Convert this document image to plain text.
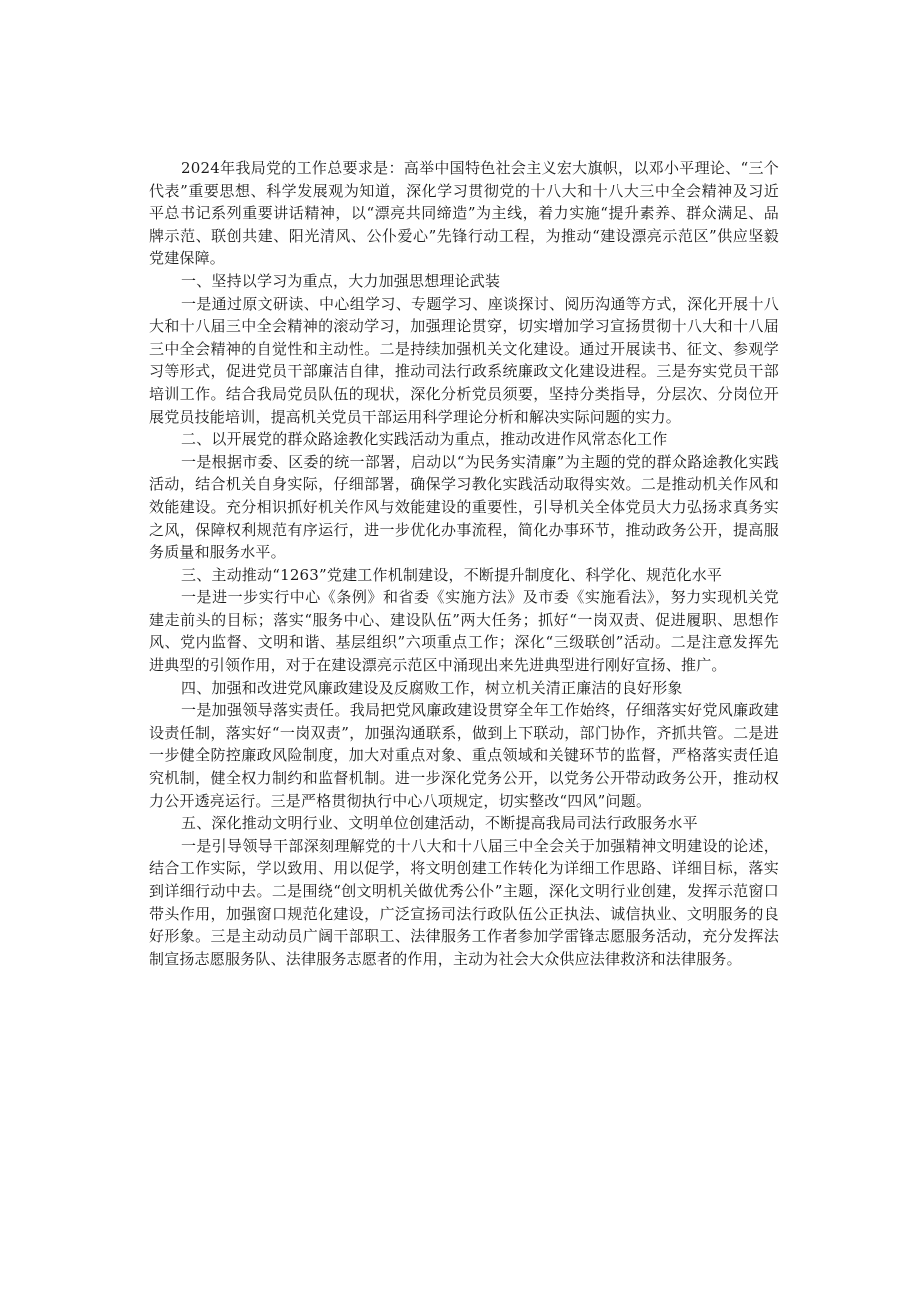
2024年我局党的工作总要求是：高举中国特色社会主义宏大旗帜，以邓小平理论、“三个代表”重要思想、科学发展观为知道，深化学习贯彻党的十八大和十八大三中全会精神及习近平总书记系列重要讲话精神，以“漂亮共同缔造”为主线，着力实施“提升素养、群众满足、品牌示范、联创共建、阳光清风、公仆爱心”先锋行动工程，为推动“建设漂亮示范区”供应坚毅党建保障。

一、坚持以学习为重点，大力加强思想理论武装

一是通过原文研读、中心组学习、专题学习、座谈探讨、阅历沟通等方式，深化开展十八大和十八届三中全会精神的滚动学习，加强理论贯穿，切实增加学习宣扬贯彻十八大和十八届三中全会精神的自觉性和主动性。二是持续加强机关文化建设。通过开展读书、征文、参观学习等形式，促进党员干部廉洁自律，推动司法行政系统廉政文化建设进程。三是夯实党员干部培训工作。结合我局党员队伍的现状，深化分析党员须要，坚持分类指导，分层次、分岗位开展党员技能培训，提高机关党员干部运用科学理论分析和解决实际问题的实力。

二、以开展党的群众路途教化实践活动为重点，推动改进作风常态化工作

一是根据市委、区委的统一部署，启动以“为民务实清廉”为主题的党的群众路途教化实践活动，结合机关自身实际，仔细部署，确保学习教化实践活动取得实效。二是推动机关作风和效能建设。充分相识抓好机关作风与效能建设的重要性，引导机关全体党员大力弘扬求真务实之风，保障权利规范有序运行，进一步优化办事流程，简化办事环节，推动政务公开，提高服务质量和服务水平。

三、主动推动“1263”党建工作机制建设，不断提升制度化、科学化、规范化水平

一是进一步实行中心《条例》和省委《实施方法》及市委《实施看法》，努力实现机关党建走前头的目标；落实“服务中心、建设队伍”两大任务；抓好“一岗双责、促进履职、思想作风、党内监督、文明和谐、基层组织”六项重点工作；深化“三级联创”活动。二是注意发挥先进典型的引领作用，对于在建设漂亮示范区中涌现出来先进典型进行刚好宣扬、推广。

四、加强和改进党风廉政建设及反腐败工作，树立机关清正廉洁的良好形象

一是加强领导落实责任。我局把党风廉政建设贯穿全年工作始终，仔细落实好党风廉政建设责任制，落实好“一岗双责”，加强沟通联系，做到上下联动，部门协作，齐抓共管。二是进一步健全防控廉政风险制度，加大对重点对象、重点领域和关键环节的监督，严格落实责任追究机制，健全权力制约和监督机制。进一步深化党务公开，以党务公开带动政务公开，推动权力公开透亮运行。三是严格贯彻执行中心八项规定，切实整改“四风”问题。

五、深化推动文明行业、文明单位创建活动，不断提高我局司法行政服务水平

一是引导领导干部深刻理解党的十八大和十八届三中全会关于加强精神文明建设的论述，结合工作实际，学以致用、用以促学，将文明创建工作转化为详细工作思路、详细目标，落实到详细行动中去。二是围绕“创文明机关做优秀公仆”主题，深化文明行业创建，发挥示范窗口带头作用，加强窗口规范化建设，广泛宣扬司法行政队伍公正执法、诚信执业、文明服务的良好形象。三是主动动员广阔干部职工、法律服务工作者参加学雷锋志愿服务活动，充分发挥法制宣扬志愿服务队、法律服务志愿者的作用，主动为社会大众供应法律救济和法律服务。
